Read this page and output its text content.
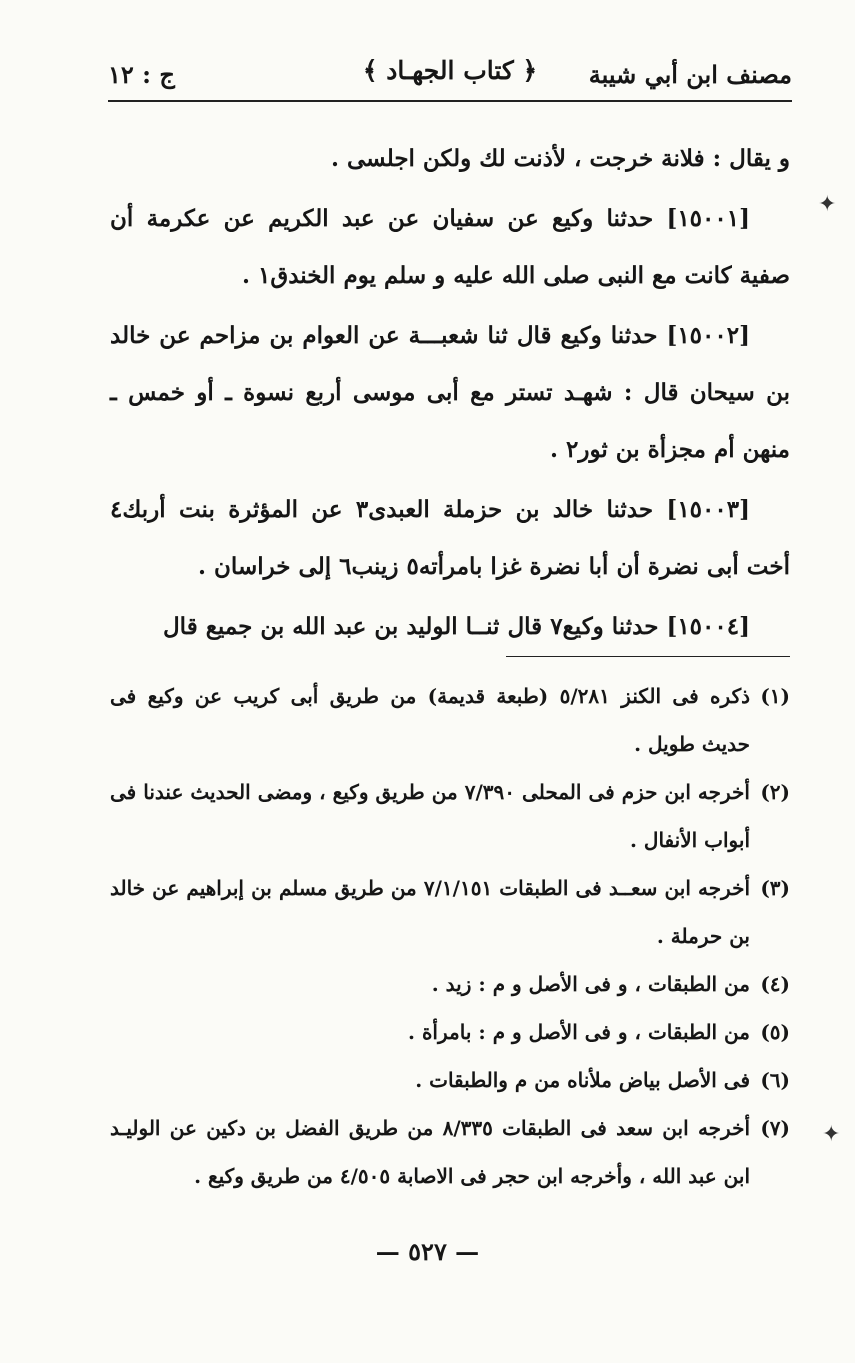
مصنف ابن أبي شيبة
﴿ كتاب الجهـاد ﴾
ج : ١٢

و يقال : فلانة خرجت ، لأذنت لك ولكن اجلسى .

[١٥٠٠١] حدثنا وكيع عن سفيان عن عبد الكريم عن عكرمة أن صفية كانت مع النبى صلى الله عليه و سلم يوم الخندق١ .

[١٥٠٠٢] حدثنا وكيع قال ثنا شعبـــة عن العوام بن مزاحم عن خالد بن سيحان قال : شهـد تستر مع أبى موسى أربع نسوة ـ أو خمس ـ منهن أم مجزأة بن ثور٢ .

[١٥٠٠٣] حدثنا خالد بن حزملة العبدى٣ عن المؤثرة بنت أربك٤ أخت أبى نضرة أن أبا نضرة غزا بامرأته٥ زينب٦ إلى خراسان .

[١٥٠٠٤] حدثنا وكيع٧ قال ثنــا الوليد بن عبد الله بن جميع قال

(١)
ذكره فى الكنز ٥/٢٨١ (طبعة قديمة) من طريق أبى كريب عن وكيع فى حديث طويل .
(٢)
أخرجه ابن حزم فى المحلى ٧/٣٩٠ من طريق وكيع ، ومضى الحديث عندنا فى أبواب الأنفال .
(٣)
أخرجه ابن سعــد فى الطبقات ٧/١/١٥١ من طريق مسلم بن إبراهيم عن خالد بن حرملة .
(٤)
من الطبقات ، و فى الأصل و م : زيد .
(٥)
من الطبقات ، و فى الأصل و م : بامرأة .
(٦)
فى الأصل بياض ملأناه من م والطبقات .
(٧)
أخرجه ابن سعد فى الطبقات ٨/٣٣٥ من طريق الفضل بن دكين عن الوليـد ابن عبد الله ، وأخرجه ابن حجر فى الاصابة ٤/٥٠٥ من طريق وكيع .
— ٥٢٧ —
✦
✦
